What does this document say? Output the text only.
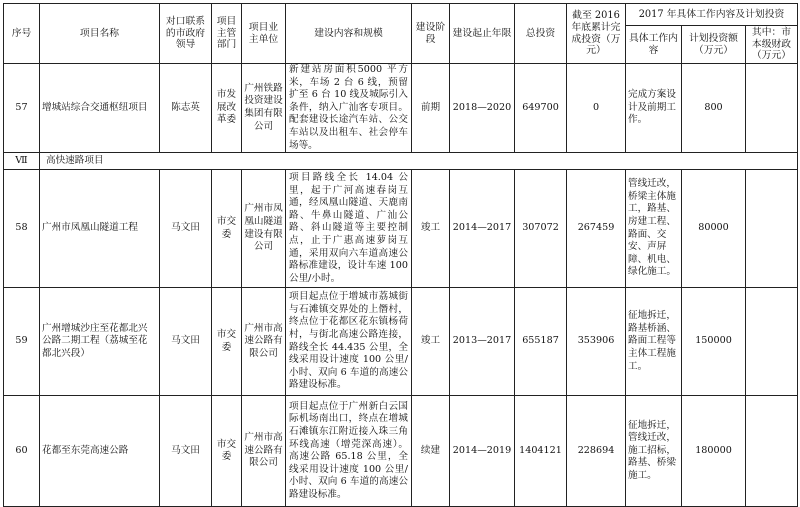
序号	项目名称	对口联系的市政府领导	项目主管部门	项目业主单位	建设内容和规模	建设阶段	建设起止年限	总投资	截至 2016 年底累计完成投资（万元）	2017 年具体工作内容及计划投资		
										具体工作内容	计划投资额（万元）	其中：市本级财政（万元）
57	增城站综合交通枢纽项目	陈志英	市发展改革委	广州铁路投资建设集团有限公司	新建站房面积5000 平方米，车场 2 台 6 线，预留扩至 6 台 10 线及城际引入条件，纳入广汕客专项目。配套建设长途汽车站、公交车站以及出租车、社会停车场等。	前期	2018—2020	649700	0	完成方案设计及前期工作。	800	
Ⅶ	高快速路项目											
58	广州市凤凰山隧道工程	马文田	市交委	广州市凤凰山隧道建设有限公司	项目路线全长 14.04 公里，起于广河高速春岗互通，经凤凰山隧道、天鹿南路、牛鼻山隧道、广汕公路、斜山隧道等主要控制点，止于广惠高速萝岗互通，采用双向六车道高速公路标准建设，设计车速 100 公里/小时。	竣工	2014—2017	307072	267459	管线迁改，桥梁主体施工，路基、房建工程、路面、交安、声屏障、机电、绿化施工。	80000	
59	广州增城沙庄至花都北兴公路二期工程（荔城至花都北兴段）	马文田	市交委	广州市高速公路有限公司	项目起点位于增城市荔城街与石滩镇交界处的上僭村，终点位于花都区花东镇杨荷村，与街北高速公路连接，路线全长 44.435 公里，全线采用设计速度 100 公里/小时、双向 6 车道的高速公路建设标准。	竣工	2013—2017	655187	353906	征地拆迁，路基桥涵、路面工程等主体工程施工。	150000	
60	花都至东莞高速公路	马文田	市交委	广州市高速公路有限公司	项目起点位于广州新白云国际机场南出口，终点在增城石滩镇东江附近接入珠三角环线高速（增莞深高速）。高速公路 65.18 公里，全线采用设计速度 100 公里/小时、双向 6 车道的高速公路建设标准。	续建	2014—2019	1404121	228694	征地拆迁，管线迁改，施工招标，路基、桥梁施工。	180000	
